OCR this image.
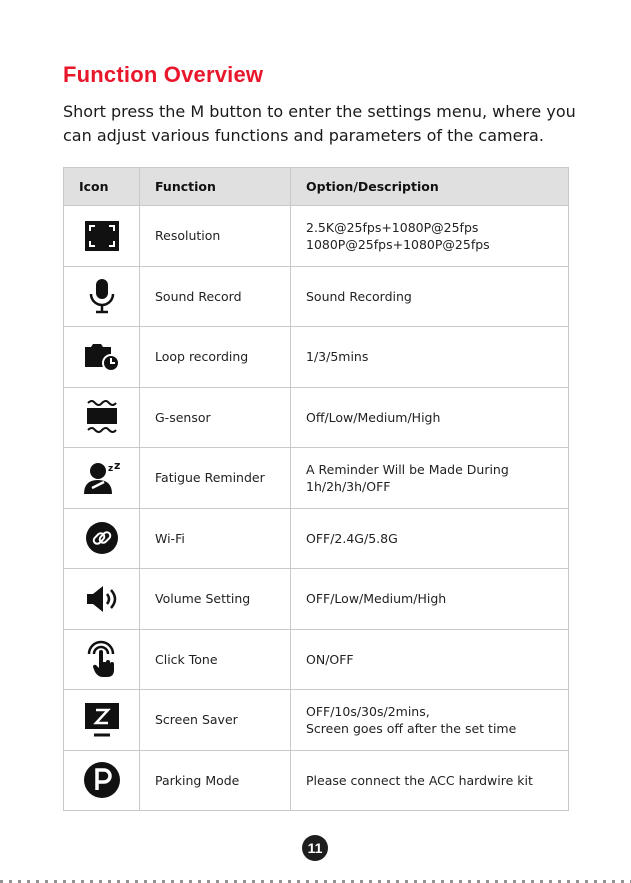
Function Overview

Short press the M button to enter the settings menu, where you can adjust various functions and parameters of the camera.

Icon	Function	Option/Description

	Resolution	2.5K@25fps+1080P@25fps
1080P@25fps+1080P@25fps

	Sound Record	Sound Recording

	Loop recording	1/3/5mins

	G-sensor	Off/Low/Medium/High

z z	Fatigue Reminder	A Reminder Will be Made During
1h/2h/3h/OFF

	Wi-Fi	OFF/2.4G/5.8G

	Volume Setting	OFF/Low/Medium/High

	Click Tone	ON/OFF

	Screen Saver	OFF/10s/30s/2mins,
Screen goes off after the set time

	Parking Mode	Please connect the ACC hardwire kit
11
